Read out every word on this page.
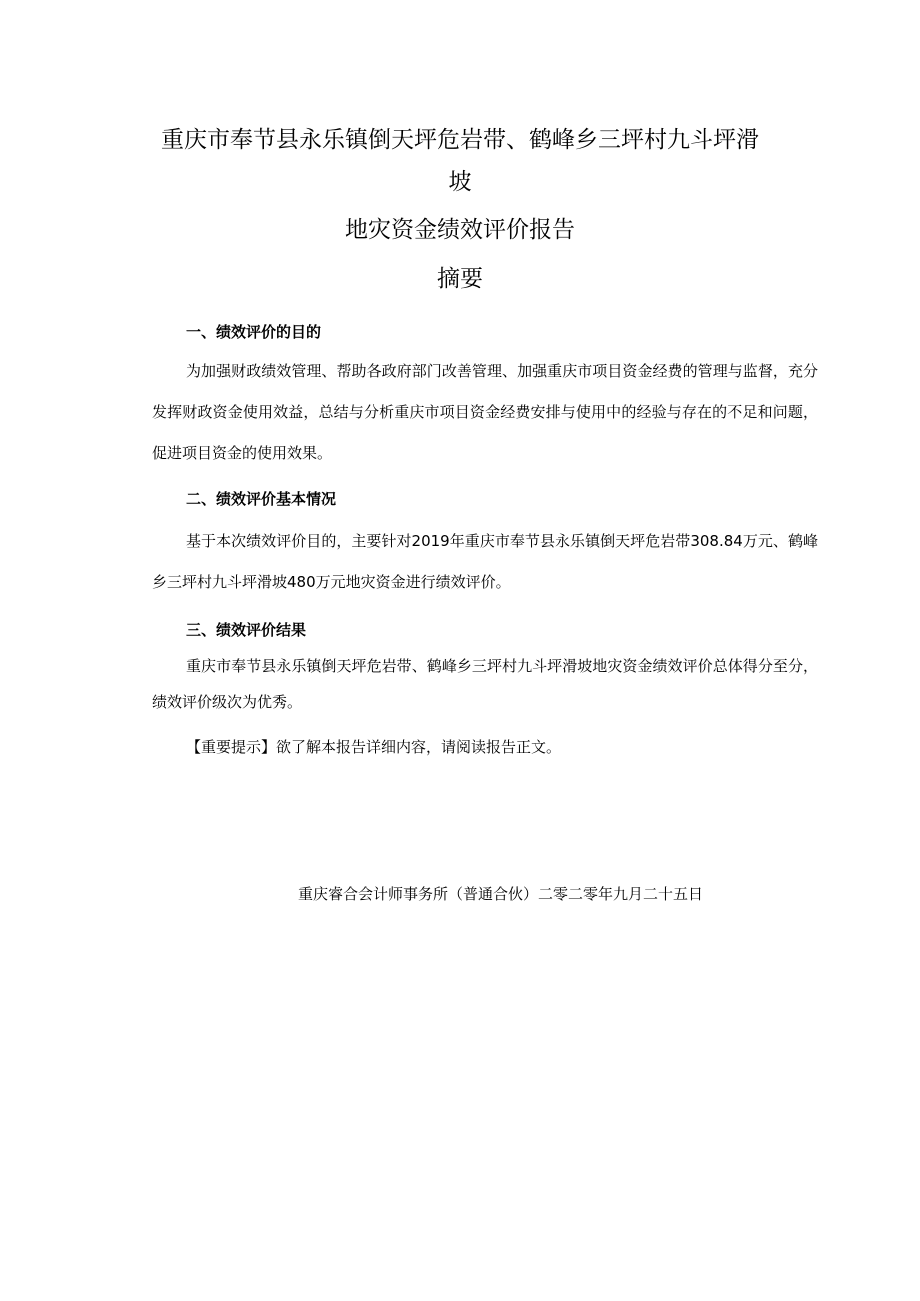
重庆市奉节县永乐镇倒天坪危岩带、鹤峰乡三坪村九斗坪滑
坡
地灾资金绩效评价报告
摘要
一、绩效评价的目的
为加强财政绩效管理、帮助各政府部门改善管理、加强重庆市项目资金经费的管理与监督，充分发挥财政资金使用效益，总结与分析重庆市项目资金经费安排与使用中的经验与存在的不足和问题，促进项目资金的使用效果。
二、绩效评价基本情况
基于本次绩效评价目的，主要针对2019年重庆市奉节县永乐镇倒天坪危岩带308.84万元、鹤峰乡三坪村九斗坪滑坡480万元地灾资金进行绩效评价。
三、绩效评价结果
重庆市奉节县永乐镇倒天坪危岩带、鹤峰乡三坪村九斗坪滑坡地灾资金绩效评价总体得分至分，绩效评价级次为优秀。
【重要提示】欲了解本报告详细内容，请阅读报告正文。
重庆睿合会计师事务所（普通合伙）二零二零年九月二十五日
